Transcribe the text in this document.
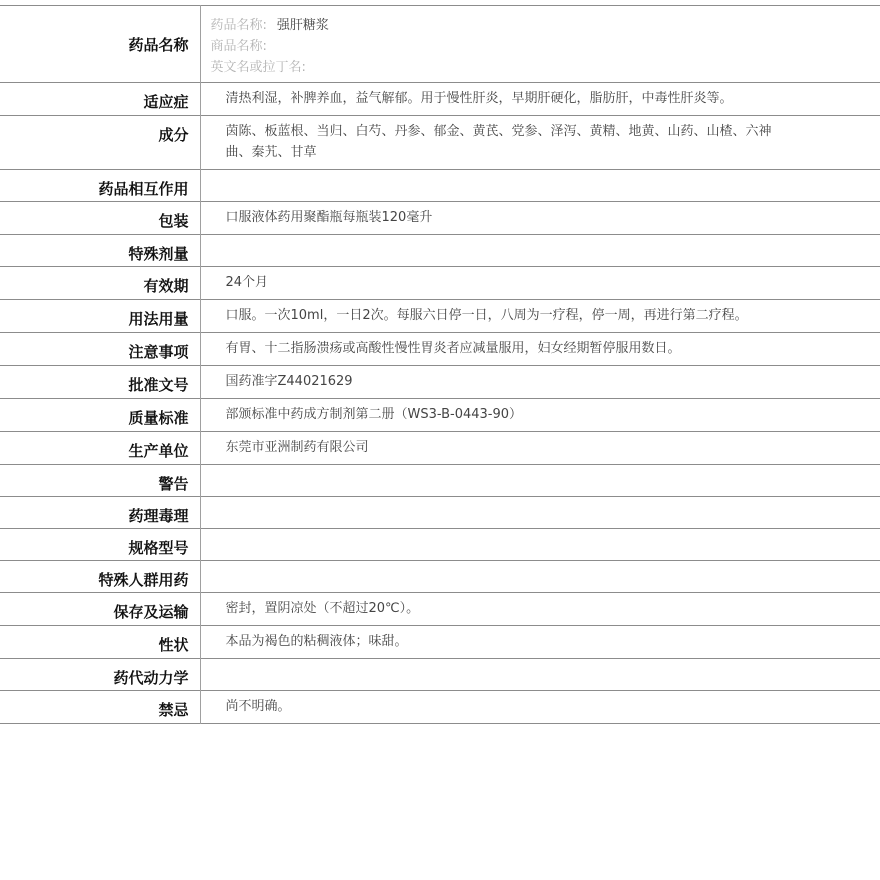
药品名称	药品名称: 强肝糖浆
商品名称:
英文名或拉丁名:

适应症	清热利湿，补脾养血，益气解郁。用于慢性肝炎，早期肝硬化，脂肪肝，中毒性肝炎等。
成分	茵陈、板蓝根、当归、白芍、丹参、郁金、黄芪、党参、泽泻、黄精、地黄、山药、山楂、六神曲、秦艽、甘草
药品相互作用	
包装	口服液体药用聚酯瓶每瓶装120毫升
特殊剂量	
有效期	24个月
用法用量	口服。一次10ml，一日2次。每服六日停一日，八周为一疗程，停一周，再进行第二疗程。
注意事项	有胃、十二指肠溃疡或高酸性慢性胃炎者应减量服用，妇女经期暂停服用数日。
批准文号	国药准字Z44021629
质量标准	部颁标准中药成方制剂第二册（WS3-B-0443-90）
生产单位	东莞市亚洲制药有限公司
警告	
药理毒理	
规格型号	
特殊人群用药	
保存及运输	密封，置阴凉处（不超过20℃）。
性状	本品为褐色的粘稠液体；味甜。
药代动力学	
禁忌	尚不明确。
